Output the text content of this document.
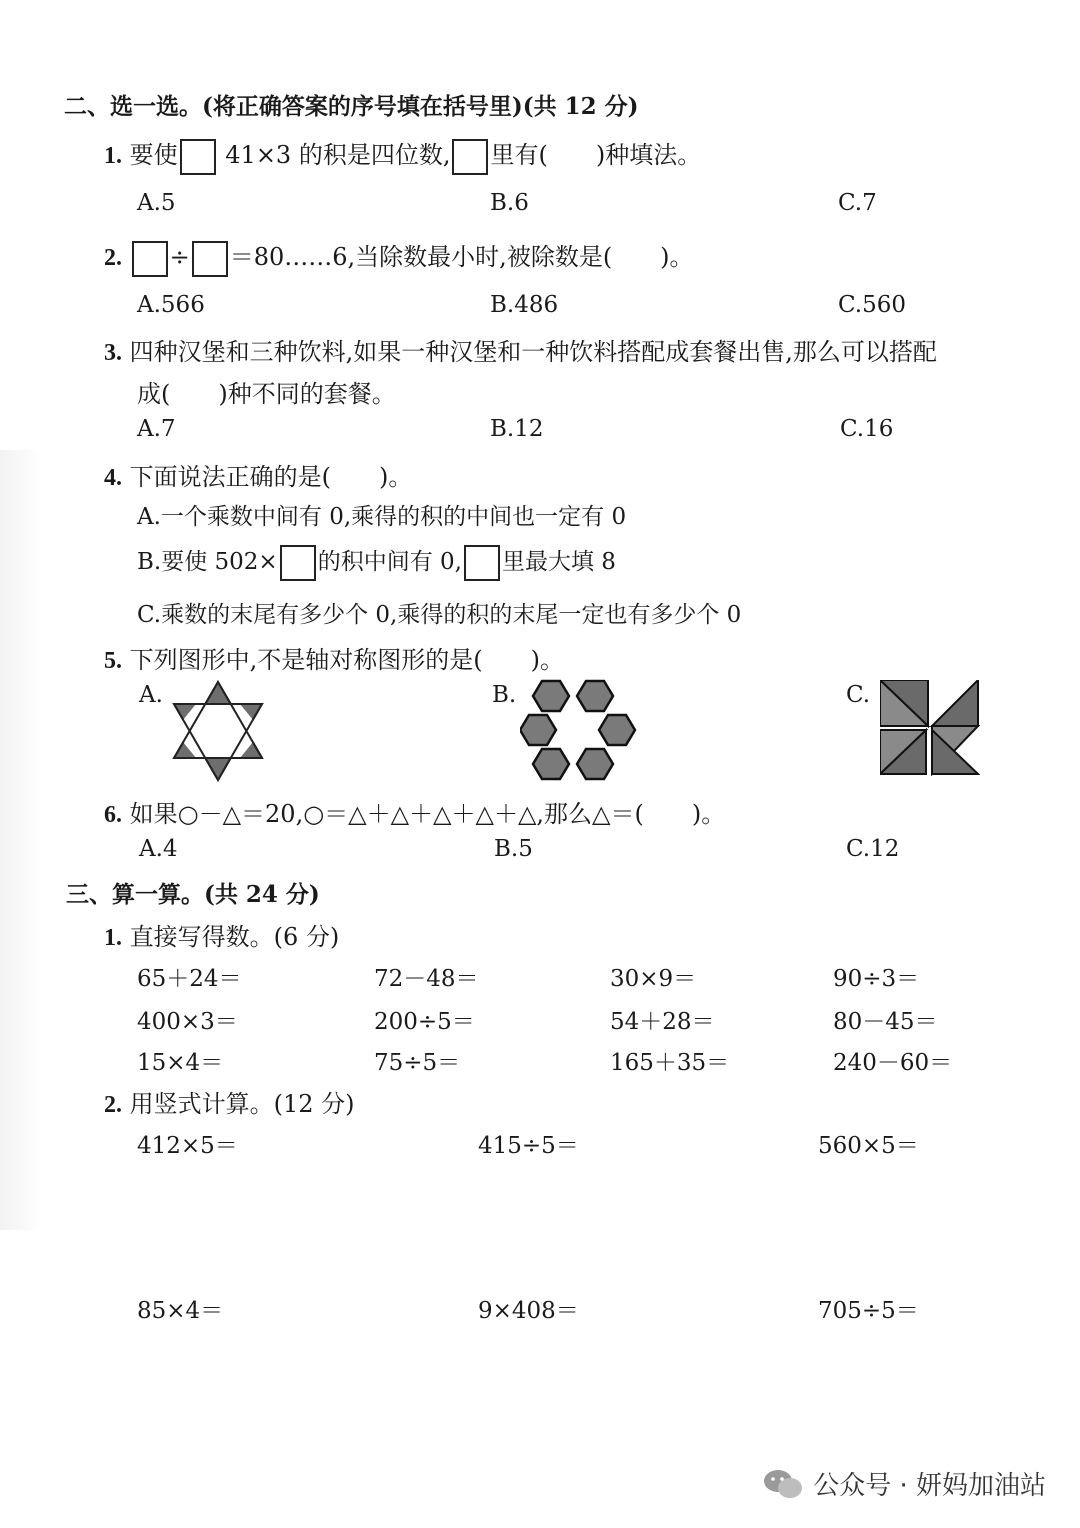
二、选一选。(将正确答案的序号填在括号里)(共 12 分)
1. 要使 41×3 的积是四位数, 里有(　　)种填法。
A.5	B.6	C.7
2. ÷ ＝80……6,当除数最小时,被除数是(　　)。
A.566	B.486	C.560
3. 四种汉堡和三种饮料,如果一种汉堡和一种饮料搭配成套餐出售,那么可以搭配
成(　　)种不同的套餐。
A.7	B.12	C.16
4. 下面说法正确的是(　　)。
A.一个乘数中间有 0,乘得的积的中间也一定有 0
B.要使 502× 的积中间有 0, 里最大填 8
C.乘数的末尾有多少个 0,乘得的积的末尾一定也有多少个 0
5. 下列图形中,不是轴对称图形的是(　　)。
A.	B.	C.
6. 如果○－△＝20,○＝△＋△＋△＋△＋△,那么△＝(　　)。
A.4	B.5	C.12
三、算一算。(共 24 分)
1. 直接写得数。(6 分)
65＋24＝	72－48＝	30×9＝	90÷3＝
400×3＝	200÷5＝	54＋28＝	80－45＝
15×4＝	75÷5＝	165＋35＝	240－60＝
2. 用竖式计算。(12 分)
412×5＝	415÷5＝	560×5＝
85×4＝	9×408＝	705÷5＝
公众号 · 妍妈加油站
